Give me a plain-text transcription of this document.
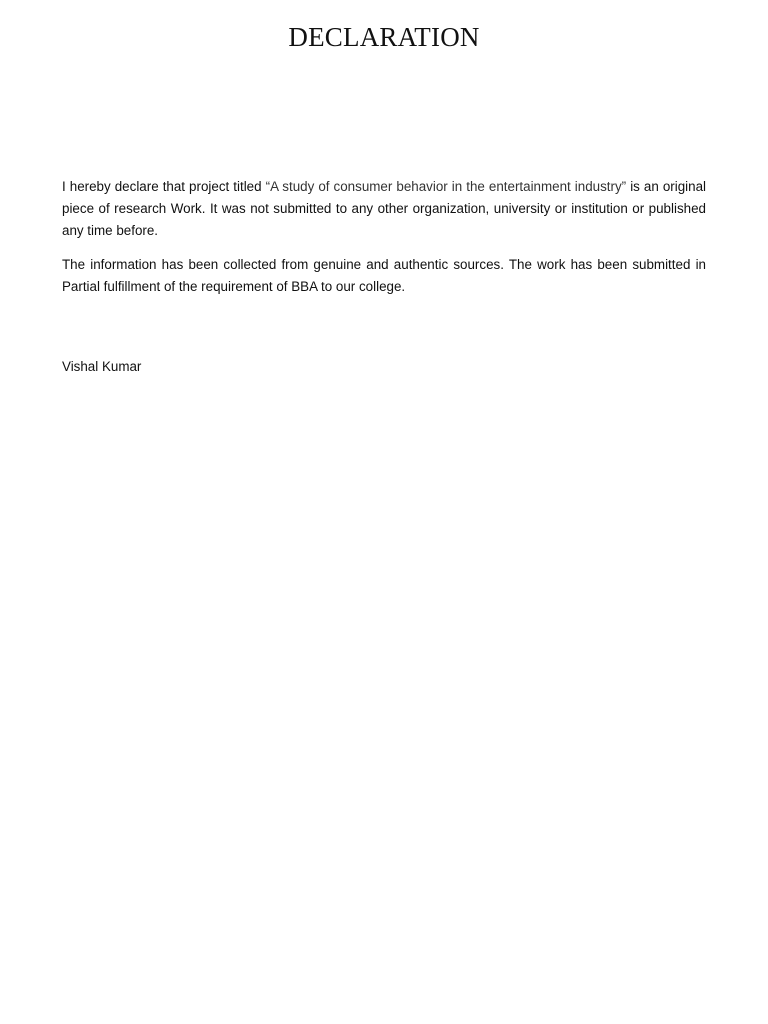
DECLARATION

I hereby declare that project titled “A study of consumer behavior in the entertainment industry” is an original piece of research Work. It was not submitted to any other organization, university or institution or published any time before.

The information has been collected from genuine and authentic sources. The work has been submitted in Partial fulfillment of the requirement of BBA to our college.

Vishal Kumar
